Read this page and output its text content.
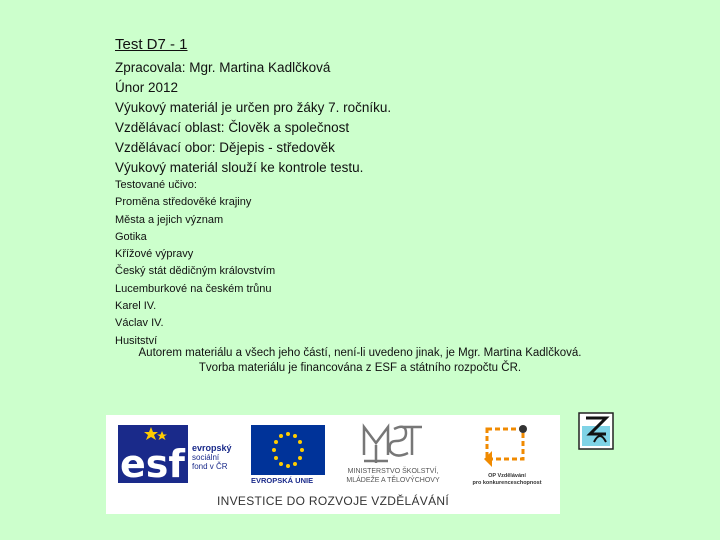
Test D7 - 1
Zpracovala: Mgr. Martina Kadlčková
Únor 2012
Výukový materiál je určen pro žáky 7. ročníku.
Vzdělávací oblast: Člověk a společnost
Vzdělávací obor: Dějepis - středověk
Výukový materiál slouží ke kontrole testu.
Testované učivo:
Proměna středověké krajiny
Města a jejich význam
Gotika
Křížové výpravy
Český stát dědičným královstvím
Lucemburkové na českém trůnu
Karel IV.
Václav IV.
Husitství
Autorem materiálu a všech jeho částí, není-li uvedeno jinak, je Mgr. Martina Kadlčková.
Tvorba materiálu je financována z ESF a státního rozpočtu ČR.
esf evropský
sociální
fond v ČR
EVROPSKÁ UNIE
MINISTERSTVO ŠKOLSTVÍ,
MLÁDEŽE A TĚLOVÝCHOVY
OP Vzdělávání
pro konkurenceschopnost
INVESTICE DO ROZVOJE VZDĚLÁVÁNÍ
